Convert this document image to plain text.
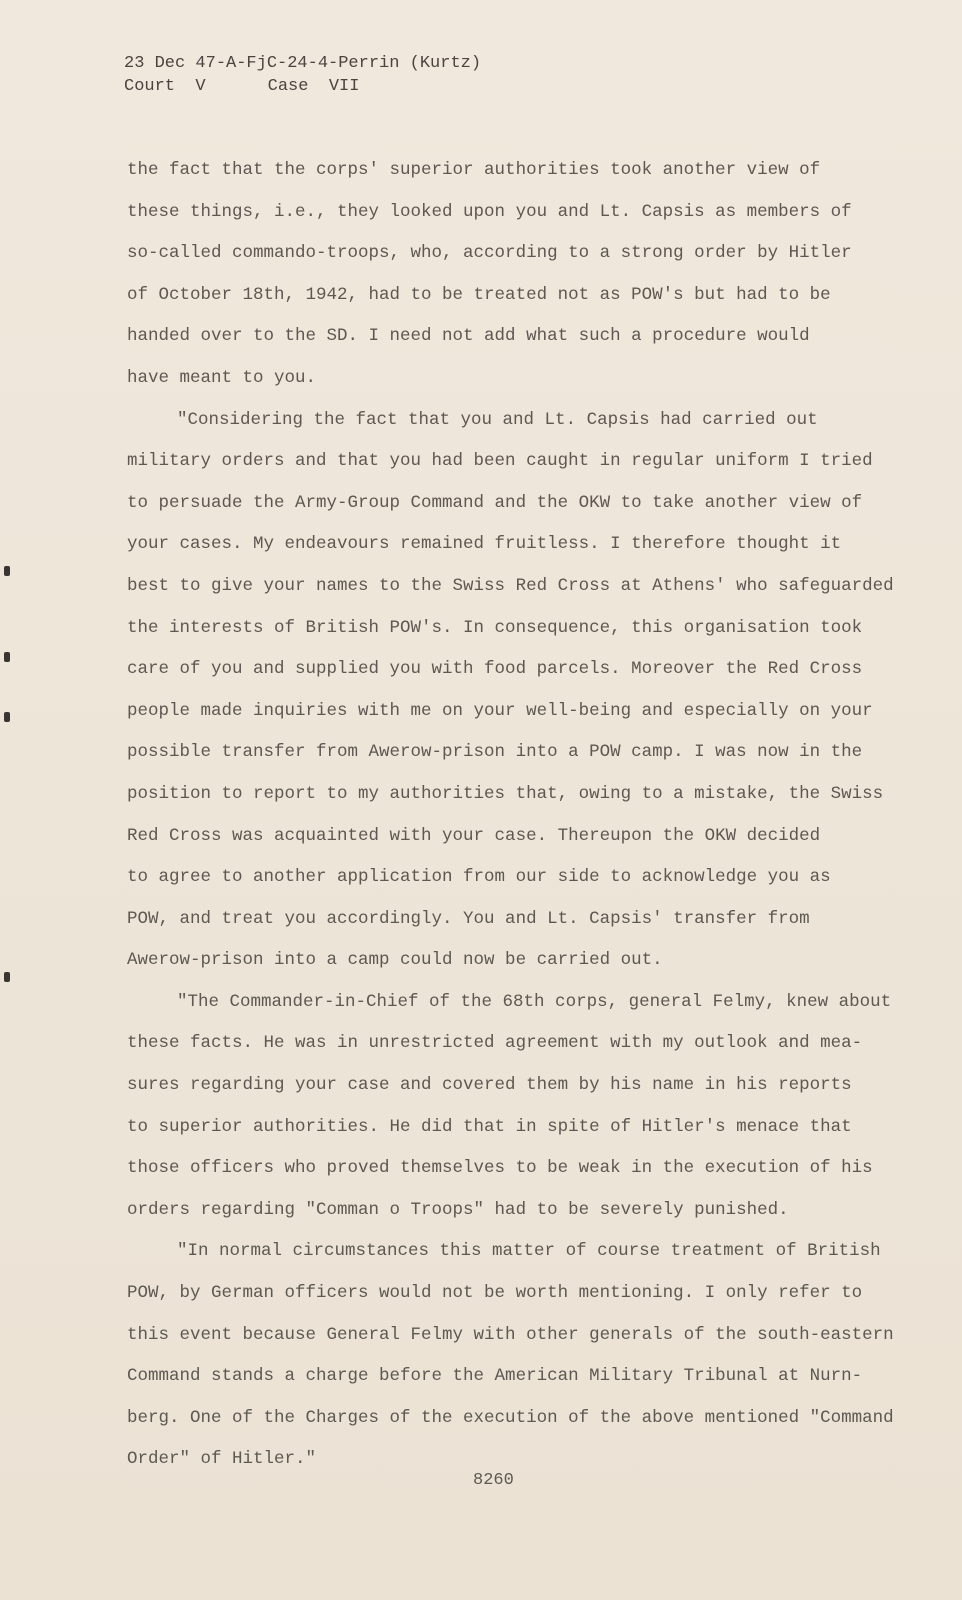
23 Dec 47-A-FjC-24-4-Perrin (Kurtz)
Court  V	Case  VII
the fact that the corps' superior authorities took another view of
these things, i.e., they looked upon you and Lt. Capsis as members of
so-called commando-troops, who, according to a strong order by Hitler
of October 18th, 1942, had to be treated not as POW's but had to be
handed over to the SD. I need not add what such a procedure would
have meant to you.
"Considering the fact that you and Lt. Capsis had carried out
military orders and that you had been caught in regular uniform I tried
to persuade the Army-Group Command and the OKW to take another view of
your cases. My endeavours remained fruitless. I therefore thought it
best to give your names to the Swiss Red Cross at Athens' who safeguarded
the interests of British POW's. In consequence, this organisation took
care of you and supplied you with food parcels. Moreover the Red Cross
people made inquiries with me on your well-being and especially on your
possible transfer from Awerow-prison into a POW camp. I was now in the
position to report to my authorities that, owing to a mistake, the Swiss
Red Cross was acquainted with your case. Thereupon the OKW decided
to agree to another application from our side to acknowledge you as
POW, and treat you accordingly. You and Lt. Capsis' transfer from
Awerow-prison into a camp could now be carried out.
"The Commander-in-Chief of the 68th corps, general Felmy, knew about
these facts. He was in unrestricted agreement with my outlook and mea-
sures regarding your case and covered them by his name in his reports
to superior authorities. He did that in spite of Hitler's menace that
those officers who proved themselves to be weak in the execution of his
orders regarding "Comman o Troops" had to be severely punished.
"In normal circumstances this matter of course treatment of British
POW, by German officers would not be worth mentioning. I only refer to
this event because General Felmy with other generals of the south-eastern
Command stands a charge before the American Military Tribunal at Nurn-
berg. One of the Charges of the execution of the above mentioned "Command
Order" of Hitler."
8260
